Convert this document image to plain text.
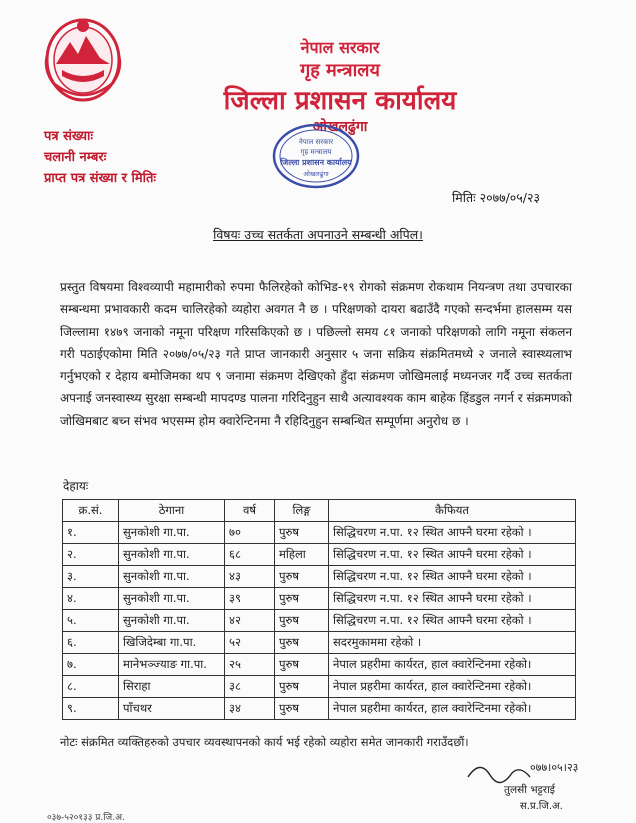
नेपाल सरकार
गृह मन्त्रालय
जिल्ला प्रशासन कार्यालय
ओखलढुंगा
पत्र संख्याः
चलानी नम्बरः
प्राप्त पत्र संख्या र मितिः
नेपाल सरकार
गृह मन्त्रालय
जिल्ला प्रशासन कार्यालय
ओखलढुंगा
मितिः २०७७/०५/२३
विषयः उच्च सतर्कता अपनाउने सम्बन्धी अपिल।
प्रस्तुत विषयमा विश्वव्यापी महामारीको रुपमा फैलिरहेको कोभिड-१९ रोगको संक्रमण रोकथाम नियन्त्रण तथा उपचारका सम्बन्धमा प्रभावकारी कदम चालिरहेको व्यहोरा अवगत नै छ । परिक्षणको दायरा बढाउँदै गएको सन्दर्भमा हालसम्म यस जिल्लामा १४७९ जनाको नमूना परिक्षण गरिसकिएको छ । पछिल्लो समय ८१ जनाको परिक्षणको लागि नमूना संकलन गरी पठाईएकोमा मिति २०७७/०५/२३ गते प्राप्त जानकारी अनुसार ५ जना सक्रिय संक्रमितमध्ये २ जनाले स्वास्थ्यलाभ गर्नुभएको र देहाय बमोजिमका थप ९ जनामा संक्रमण देखिएको हुँदा संक्रमण जोखिमलाई मध्यनजर गर्दै उच्च सतर्कता अपनाई जनस्वास्थ्य सुरक्षा सम्बन्धी मापदण्ड पालना गरिदिनुहुन साथै अत्यावश्यक काम बाहेक हिंडडुल नगर्न र संक्रमणको जोखिमबाट बच्न संभव भएसम्म होम क्वारेन्टिनमा नै रहिदिनुहुन सम्बन्धित सम्पूर्णमा अनुरोध छ ।
देहायः
क्र.सं.	ठेगाना	वर्ष	लिङ्ग	कैफियत
१.	सुनकोशी गा.पा.	७०	पुरुष	सिद्धिचरण न.पा. १२ स्थित आफ्नै घरमा रहेको ।
२.	सुनकोशी गा.पा.	६८	महिला	सिद्धिचरण न.पा. १२ स्थित आफ्नै घरमा रहेको ।
३.	सुनकोशी गा.पा.	४३	पुरुष	सिद्धिचरण न.पा. १२ स्थित आफ्नै घरमा रहेको ।
४.	सुनकोशी गा.पा.	३९	पुरुष	सिद्धिचरण न.पा. १२ स्थित आफ्नै घरमा रहेको ।
५.	सुनकोशी गा.पा.	४२	पुरुष	सिद्धिचरण न.पा. १२ स्थित आफ्नै घरमा रहेको ।
६.	खिजिदेम्बा गा.पा.	५२	पुरुष	सदरमुकाममा रहेको ।
७.	मानेभञ्ज्याङ गा.पा.	२५	पुरुष	नेपाल प्रहरीमा कार्यरत, हाल क्वारेन्टिनमा रहेको।
८.	सिराहा	३८	पुरुष	नेपाल प्रहरीमा कार्यरत, हाल क्वारेन्टिनमा रहेको।
९.	पाँचथर	३४	पुरुष	नेपाल प्रहरीमा कार्यरत, हाल क्वारेन्टिनमा रहेको।
नोटः संक्रमित व्यक्तिहरुको उपचार व्यवस्थापनको कार्य भई रहेको व्यहोरा समेत जानकारी गराउँदछौं।
०७७।०५।२३
तुलसी भट्टराई
स.प्र.जि.अ.
०३७-५२०१३३ प्र.जि.अ.
